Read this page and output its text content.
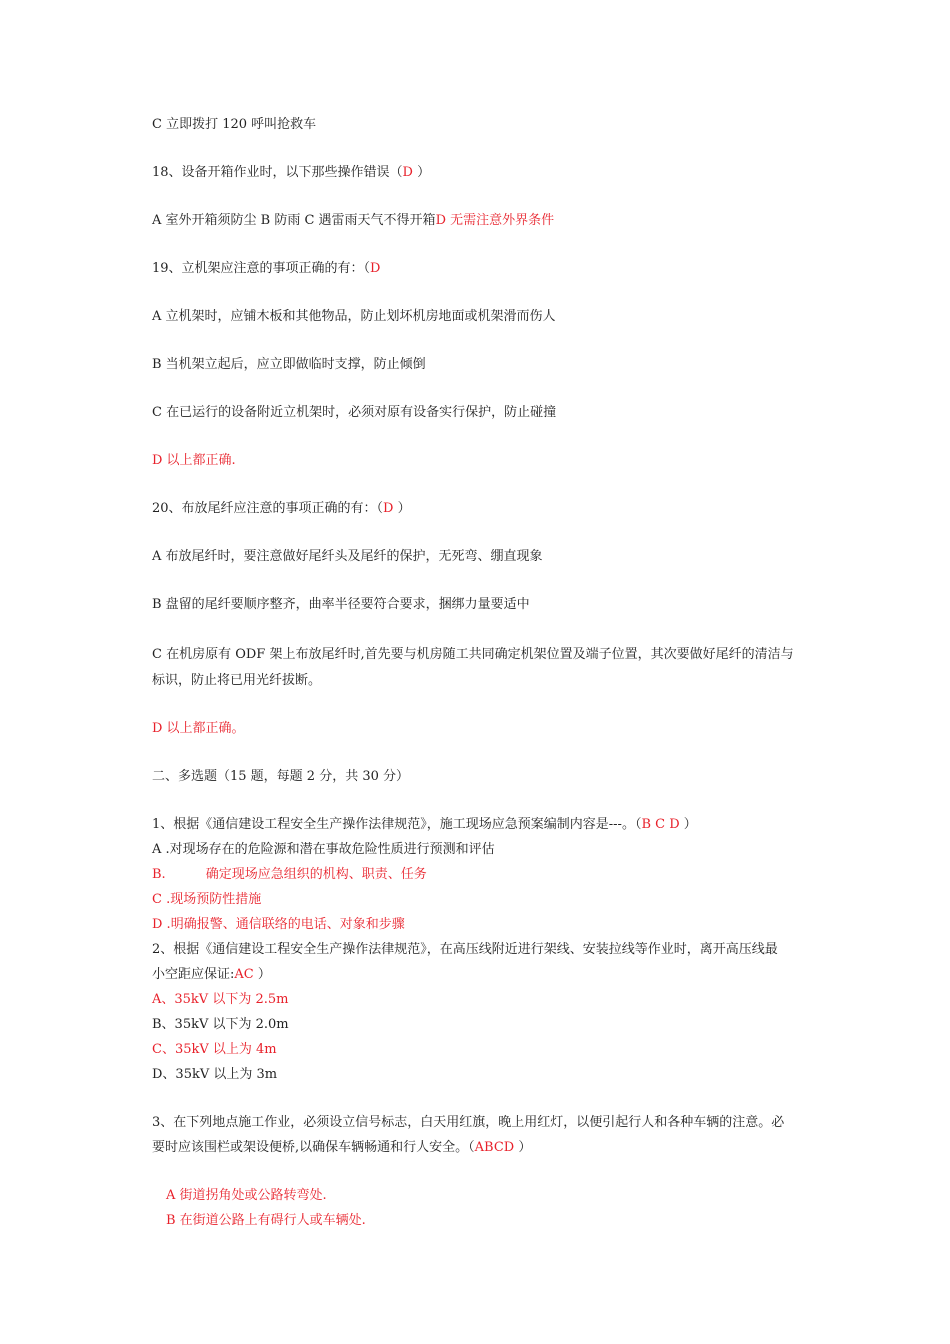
C 立即拨打 120 呼叫抢救车
18、设备开箱作业时，以下那些操作错误（D ）
A 室外开箱须防尘 B 防雨 C 遇雷雨天气不得开箱D 无需注意外界条件
19、立机架应注意的事项正确的有：（D
A 立机架时，应铺木板和其他物品，防止划坏机房地面或机架滑而伤人
B 当机架立起后，应立即做临时支撑，防止倾倒
C 在已运行的设备附近立机架时，必须对原有设备实行保护，防止碰撞
D 以上都正确.
20、布放尾纤应注意的事项正确的有：（D ）
A 布放尾纤时，要注意做好尾纤头及尾纤的保护，无死弯、绷直现象
B 盘留的尾纤要顺序整齐，曲率半径要符合要求，捆绑力量要适中
C 在机房原有 ODF 架上布放尾纤时,首先要与机房随工共同确定机架位置及端子位置，其次要做好尾纤的清洁与
标识，防止将已用光纤拔断。
D 以上都正确。
二、多选题（15 题，每题 2 分，共 30 分）
1、根据《通信建设工程安全生产操作法律规范》，施工现场应急预案编制内容是---。（B C D ）
A .对现场存在的危险源和潜在事故危险性质进行预测和评估
B.	确定现场应急组织的机构、职责、任务
C .现场预防性措施
D .明确报警、通信联络的电话、对象和步骤
2、根据《通信建设工程安全生产操作法律规范》，在高压线附近进行架线、安装拉线等作业时，离开高压线最
小空距应保证:AC ）
A、35kV 以下为 2.5m
B、35kV 以下为 2.0m
C、35kV 以上为 4m
D、35kV 以上为 3m
3、在下列地点施工作业，必须设立信号标志，白天用红旗，晚上用红灯，以便引起行人和各种车辆的注意。必
要时应该围栏或架设便桥,以确保车辆畅通和行人安全。（ABCD ）
A 街道拐角处或公路转弯处.
B 在街道公路上有碍行人或车辆处.
